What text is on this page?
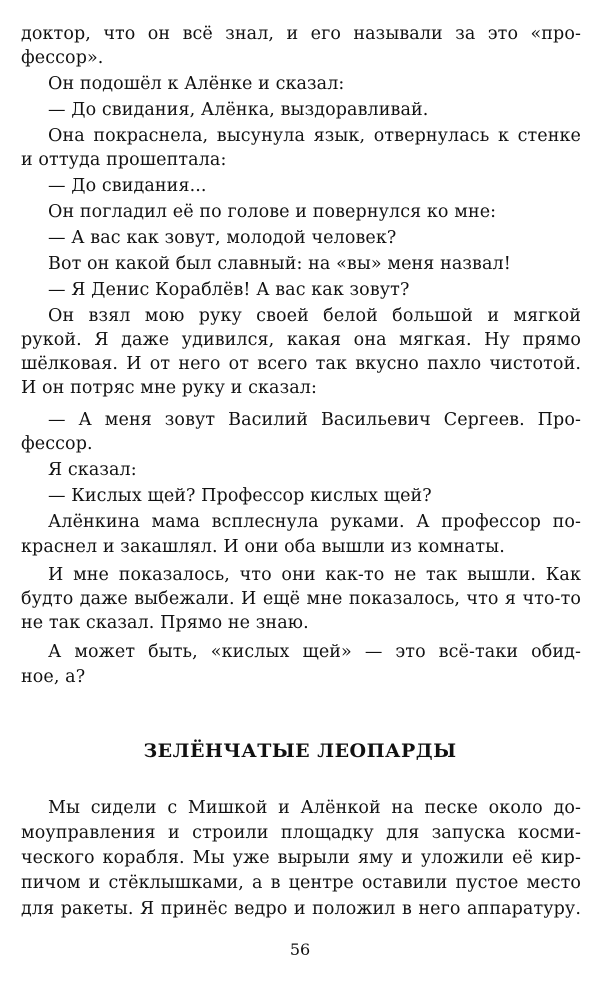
доктор, что он всё знал, и его называли за это «про-
фессор».
Он подошёл к Алёнке и сказал:
— До свидания, Алёнка, выздоравливай.
Она покраснела, высунула язык, отвернулась к стенке
и оттуда прошептала:
— До свидания...
Он погладил её по голове и повернулся ко мне:
— А вас как зовут, молодой человек?
Вот он какой был славный: на «вы» меня назвал!
— Я Денис Кораблёв! А вас как зовут?
Он взял мою руку своей белой большой и мягкой
рукой. Я даже удивился, какая она мягкая. Ну прямо
шёлковая. И от него от всего так вкусно пахло чистотой.
И он потряс мне руку и сказал:
— А меня зовут Василий Васильевич Сергеев. Про-
фессор.
Я сказал:
— Кислых щей? Профессор кислых щей?
Алёнкина мама всплеснула руками. А профессор по-
краснел и закашлял. И они оба вышли из комнаты.
И мне показалось, что они как-то не так вышли. Как
будто даже выбежали. И ещё мне показалось, что я что-то
не так сказал. Прямо не знаю.
А может быть, «кислых щей» — это всё-таки обид-
ное, а?
ЗЕЛЁНЧАТЫЕ ЛЕОПАРДЫ
Мы сидели с Мишкой и Алёнкой на песке около до-
моуправления и строили площадку для запуска косми-
ческого корабля. Мы уже вырыли яму и уложили её кир-
пичом и стёклышками, а в центре оставили пустое место
для ракеты. Я принёс ведро и положил в него аппаратуру.
56
